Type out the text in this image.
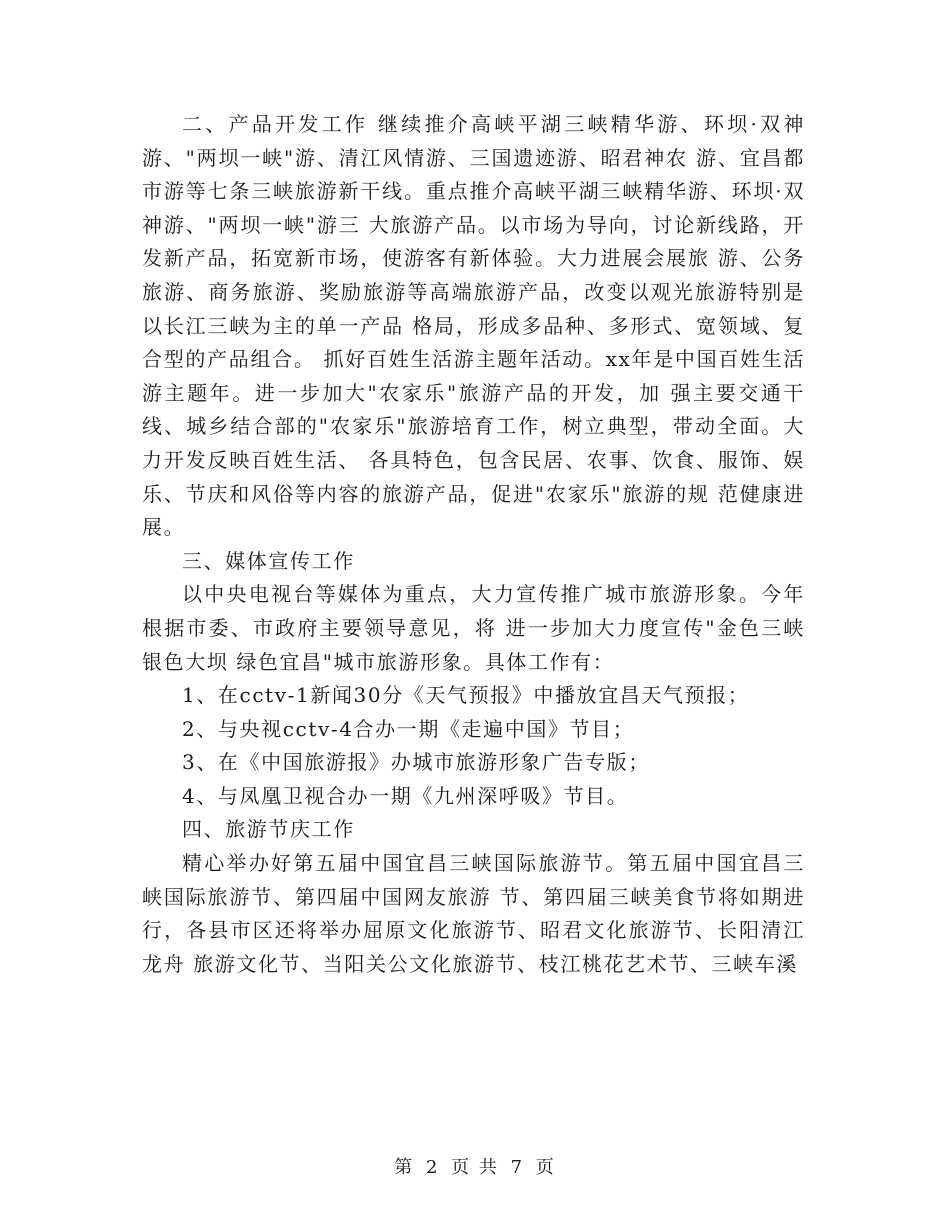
二、产品开发工作 继续推介高峡平湖三峡精华游、环坝·双神游、"两坝一峡"游、清江风情游、三国遗迹游、昭君神农 游、宜昌都市游等七条三峡旅游新干线。重点推介高峡平湖三峡精华游、环坝·双神游、"两坝一峡"游三 大旅游产品。以市场为导向，讨论新线路，开发新产品，拓宽新市场，使游客有新体验。大力进展会展旅 游、公务旅游、商务旅游、奖励旅游等高端旅游产品，改变以观光旅游特别是以长江三峡为主的单一产品 格局，形成多品种、多形式、宽领域、复合型的产品组合。 抓好百姓生活游主题年活动。xx年是中国百姓生活游主题年。进一步加大"农家乐"旅游产品的开发，加 强主要交通干线、城乡结合部的"农家乐"旅游培育工作，树立典型，带动全面。大力开发反映百姓生活、 各具特色，包含民居、农事、饮食、服饰、娱乐、节庆和风俗等内容的旅游产品，促进"农家乐"旅游的规 范健康进展。

三、媒体宣传工作

以中央电视台等媒体为重点，大力宣传推广城市旅游形象。今年根据市委、市政府主要领导意见，将 进一步加大力度宣传"金色三峡 银色大坝 绿色宜昌"城市旅游形象。具体工作有：

1、在cctv-1新闻30分《天气预报》中播放宜昌天气预报；

2、与央视cctv-4合办一期《走遍中国》节目；

3、在《中国旅游报》办城市旅游形象广告专版；

4、与凤凰卫视合办一期《九州深呼吸》节目。

四、旅游节庆工作

精心举办好第五届中国宜昌三峡国际旅游节。第五届中国宜昌三峡国际旅游节、第四届中国网友旅游 节、第四届三峡美食节将如期进行，各县市区还将举办屈原文化旅游节、昭君文化旅游节、长阳清江龙舟 旅游文化节、当阳关公文化旅游节、枝江桃花艺术节、三峡车溪

第 2 页 共 7 页
